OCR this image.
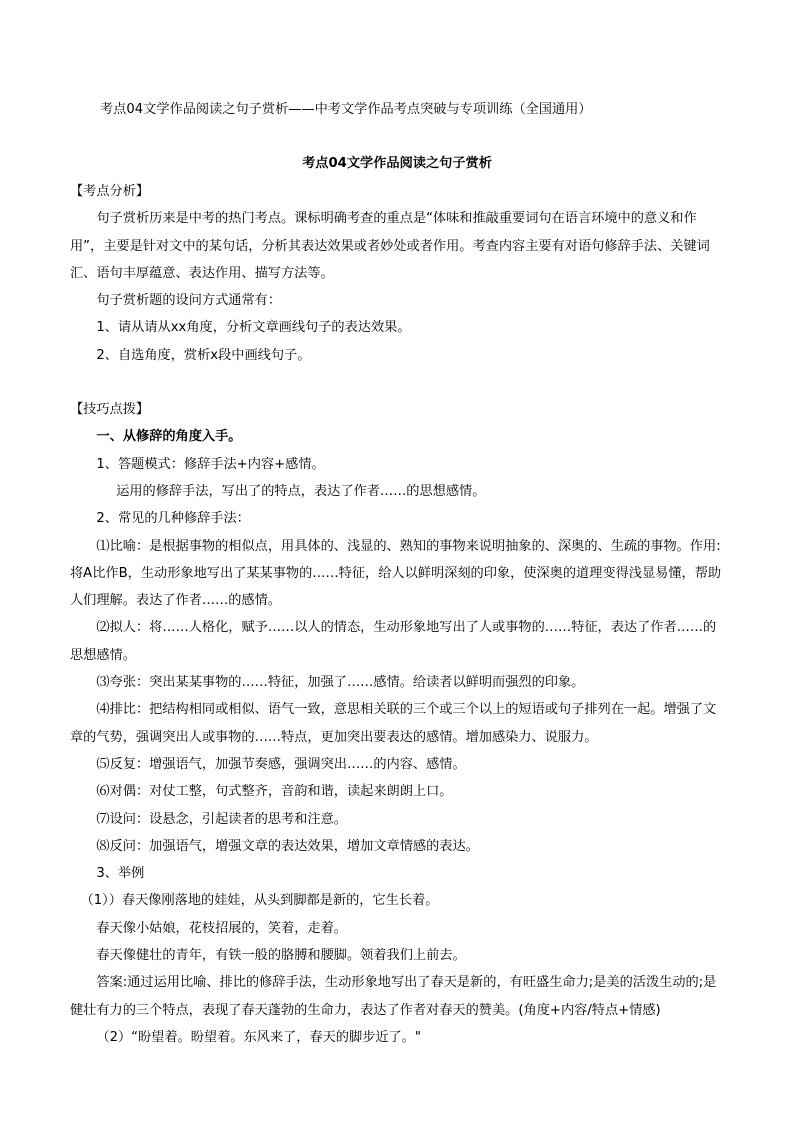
考点04文学作品阅读之句子赏析——中考文学作品考点突破与专项训练（全国通用）
考点04文学作品阅读之句子赏析

【考点分析】

句子赏析历来是中考的热门考点。课标明确考查的重点是“体味和推敲重要词句在语言环境中的意义和作用”，主要是针对文中的某句话，分析其表达效果或者妙处或者作用。考查内容主要有对语句修辞手法、关键词汇、语句丰厚蕴意、表达作用、描写方法等。

句子赏析题的设问方式通常有：

1、请从请从xx角度，分析文章画线句子的表达效果。

2、自选角度，赏析x段中画线句子。

【技巧点拨】

一、从修辞的角度入手。

1、答题模式：修辞手法+内容+感情。

运用的修辞手法，写出了的特点，表达了作者……的思想感情。

2、常见的几种修辞手法：

⑴比喻：是根据事物的相似点，用具体的、浅显的、熟知的事物来说明抽象的、深奥的、生疏的事物。作用:将A比作B，生动形象地写出了某某事物的……特征，给人以鲜明深刻的印象，使深奥的道理变得浅显易懂，帮助人们理解。表达了作者……的感情。

⑵拟人：将……人格化，赋予……以人的情态，生动形象地写出了人或事物的……特征，表达了作者……的思想感情。

⑶夸张：突出某某事物的……特征，加强了……感情。给读者以鲜明而强烈的印象。

⑷排比：把结构相同或相似、语气一致，意思相关联的三个或三个以上的短语或句子排列在一起。增强了文章的气势，强调突出人或事物的……特点，更加突出要表达的感情。增加感染力、说服力。

⑸反复：增强语气，加强节奏感，强调突出……的内容、感情。

⑹对偶：对仗工整，句式整齐，音韵和谐，读起来朗朗上口。

⑺设问：设悬念，引起读者的思考和注意。

⑻反问：加强语气，增强文章的表达效果，增加文章情感的表达。

3、举例

（1））春天像刚落地的娃娃，从头到脚都是新的，它生长着。

春天像小姑娘，花枝招展的，笑着，走着。

春天像健壮的青年，有铁一般的胳膊和腰脚。领着我们上前去。

答案:通过运用比喻、排比的修辞手法，生动形象地写出了春天是新的，有旺盛生命力;是美的活泼生动的;是健壮有力的三个特点，表现了春天蓬勃的生命力，表达了作者对春天的赞美。(角度+内容/特点+情感)

（2）“盼望着。盼望着。东风来了，春天的脚步近了。"
